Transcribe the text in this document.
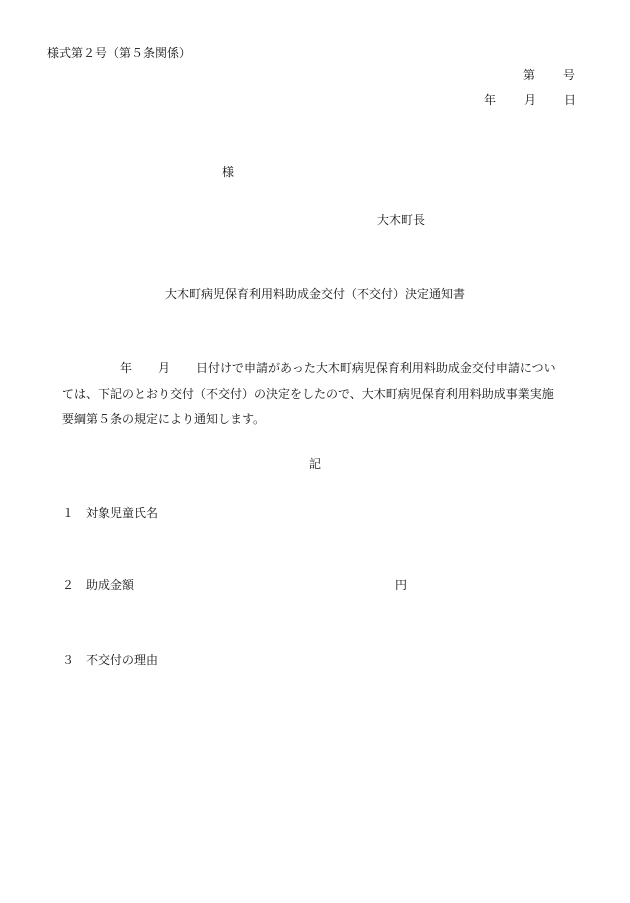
様式第２号（第５条関係）
第 号
年 月 日
様
大木町長
大木町病児保育利用料助成金交付（不交付）決定通知書
年 月 日付けで申請があった大木町病児保育利用料助成金交付申請につい
ては、下記のとおり交付（不交付）の決定をしたので、大木町病児保育利用料助成事業実施
要綱第５条の規定により通知します。
記
１ 対象児童氏名
２ 助成金額	円
３ 不交付の理由
